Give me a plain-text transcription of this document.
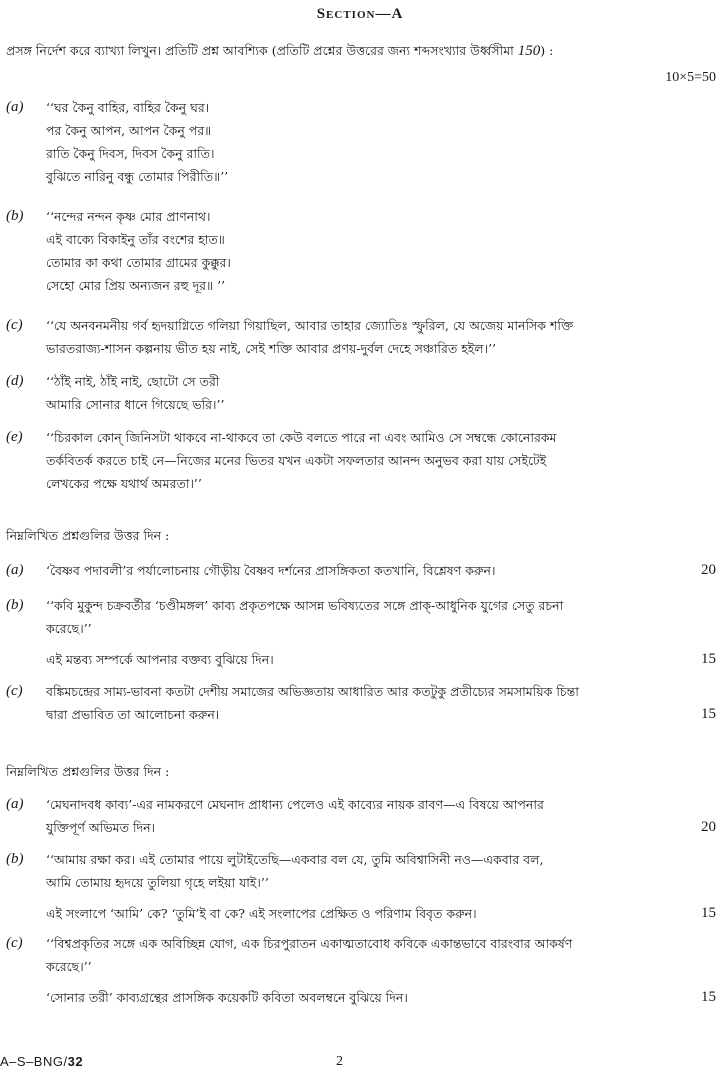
Section—A
প্রসঙ্গ নির্দেশ করে ব্যাখ্যা লিখুন। প্রতিটি প্রশ্ন আবশ্যিক (প্রতিটি প্রশ্নের উত্তরের জন্য শব্দসংখ্যার উর্ধ্বসীমা 150) :
10×5=50
(a) ‘‘ঘর কৈনু বাহির, বাহির কৈনু ঘর।
পর কৈনু আপন, আপন কৈনু পর॥
রাতি কৈনু দিবস, দিবস কৈনু রাতি।
বুঝিতে নারিনু বন্ধু তোমার পিরীতি॥’’
(b) ‘‘নন্দের নন্দন কৃষ্ণ মোর প্রাণনাথ।
এই বাক্যে বিকাইনু তাঁর বংশের হাত॥
তোমার কা কথা তোমার গ্রামের কুক্কুর।
সেহো মোর প্রিয় অন্যজন রহু দূর॥ ’’
(c) ‘‘যে অনবনমনীয় গর্ব হৃদয়াগ্নিতে গলিয়া গিয়াছিল, আবার তাহার জ্যোতিঃ স্ফুরিল, যে অজেয় মানসিক শক্তি
ভারতরাজ্য-শাসন কল্পনায় ভীত হয় নাই, সেই শক্তি আবার প্রণয়-দুর্বল দেহে সঞ্চারিত হইল।’’
(d) ‘‘ঠাঁই নাই, ঠাঁই নাই, ছোটো সে তরী
আমারি সোনার ধানে গিয়েছে ভরি।’’
(e) ‘‘চিরকাল কোন্ জিনিসটা থাকবে না-থাকবে তা কেউ বলতে পারে না এবং আমিও সে সম্বন্ধে কোনোরকম
তর্কবিতর্ক করতে চাই নে—নিজের মনের ভিতর যখন একটা সফলতার আনন্দ অনুভব করা যায় সেইটেই
লেখকের পক্ষে যথার্থ অমরতা।’’
নিম্নলিখিত প্রশ্নগুলির উত্তর দিন :
(a) ‘বৈষ্ণব পদাবলী’র পর্যালোচনায় গৌড়ীয় বৈষ্ণব দর্শনের প্রাসঙ্গিকতা কতখানি, বিশ্লেষণ করুন।	20
(b) ‘‘কবি মুকুন্দ চক্রবর্তীর ‘চণ্ডীমঙ্গল’ কাব্য প্রকৃতপক্ষে আসন্ন ভবিষ্যতের সঙ্গে প্রাক্-আধুনিক যুগের সেতু রচনা
করেছে।’’
এই মন্তব্য সম্পর্কে আপনার বক্তব্য বুঝিয়ে দিন।	15
(c) বঙ্কিমচন্দ্রের সাম্য-ভাবনা কতটা দেশীয় সমাজের অভিজ্ঞতায় আধারিত আর কতটুকু প্রতীচ্যের সমসাময়িক চিন্তা
দ্বারা প্রভাবিত তা আলোচনা করুন।	15
নিম্নলিখিত প্রশ্নগুলির উত্তর দিন :
(a) ‘মেঘনাদবধ কাব্য’-এর নামকরণে মেঘনাদ প্রাধান্য পেলেও এই কাব্যের নায়ক রাবণ—এ বিষয়ে আপনার
যুক্তিপূর্ণ অভিমত দিন।	20
(b) ‘‘আমায় রক্ষা কর। এই তোমার পায়ে লুটাইতেছি—একবার বল যে, তুমি অবিশ্বাসিনী নও—একবার বল,
আমি তোমায় হৃদয়ে তুলিয়া গৃহে লইয়া যাই।’’
এই সংলাপে ‘আমি’ কে? ‘তুমি’ই বা কে? এই সংলাপের প্রেক্ষিত ও পরিণাম বিবৃত করুন।	15
(c) ‘‘বিশ্বপ্রকৃতির সঙ্গে এক অবিচ্ছিন্ন যোগ, এক চিরপুরাতন একাত্মতাবোধ কবিকে একান্তভাবে বারংবার আকর্ষণ
করেছে।’’
‘সোনার তরী’ কাব্যগ্রন্থের প্রাসঙ্গিক কয়েকটি কবিতা অবলম্বনে বুঝিয়ে দিন।	15
A–S–BNG/32	2
